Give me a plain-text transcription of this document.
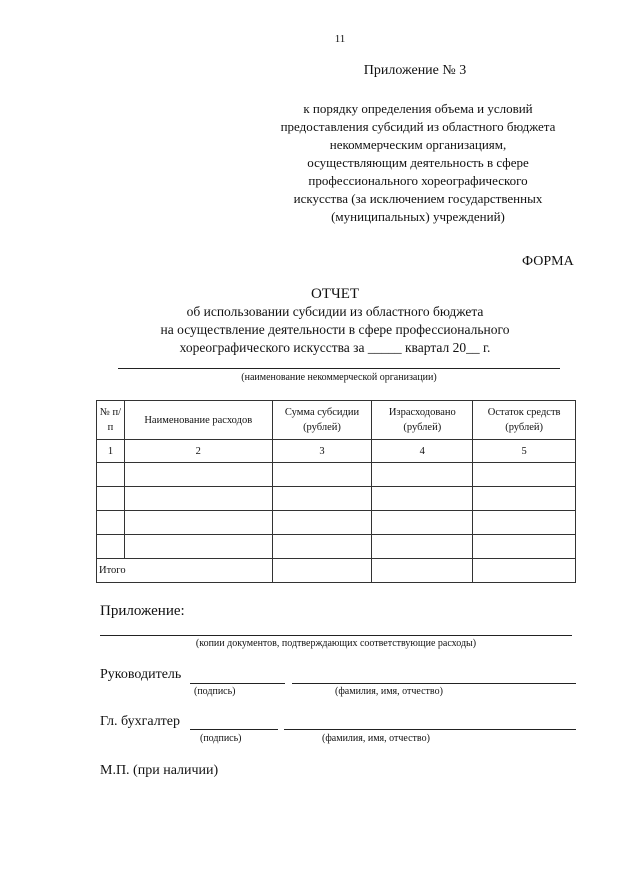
11
Приложение № 3
к порядку определения объема и условий
предоставления субсидий из областного бюджета
некоммерческим организациям,
осуществляющим деятельность в сфере
профессионального хореографического
искусства (за исключением государственных
(муниципальных) учреждений)
ФОРМА
ОТЧЕТ
об использовании субсидии из областного бюджета
на осуществление деятельности в сфере профессионального
хореографического искусства за _____ квартал 20__ г.
(наименование некоммерческой организации)
№ п/п	Наименование расходов	Сумма субсидии (рублей)	Израсходовано (рублей)	Остаток средств (рублей)
1	2	3	4	5

Итого				
Приложение:
(копии документов, подтверждающих соответствующие расходы)
Руководитель
(подпись)	(фамилия, имя, отчество)
Гл. бухгалтер
(подпись)	(фамилия, имя, отчество)
М.П. (при наличии)
